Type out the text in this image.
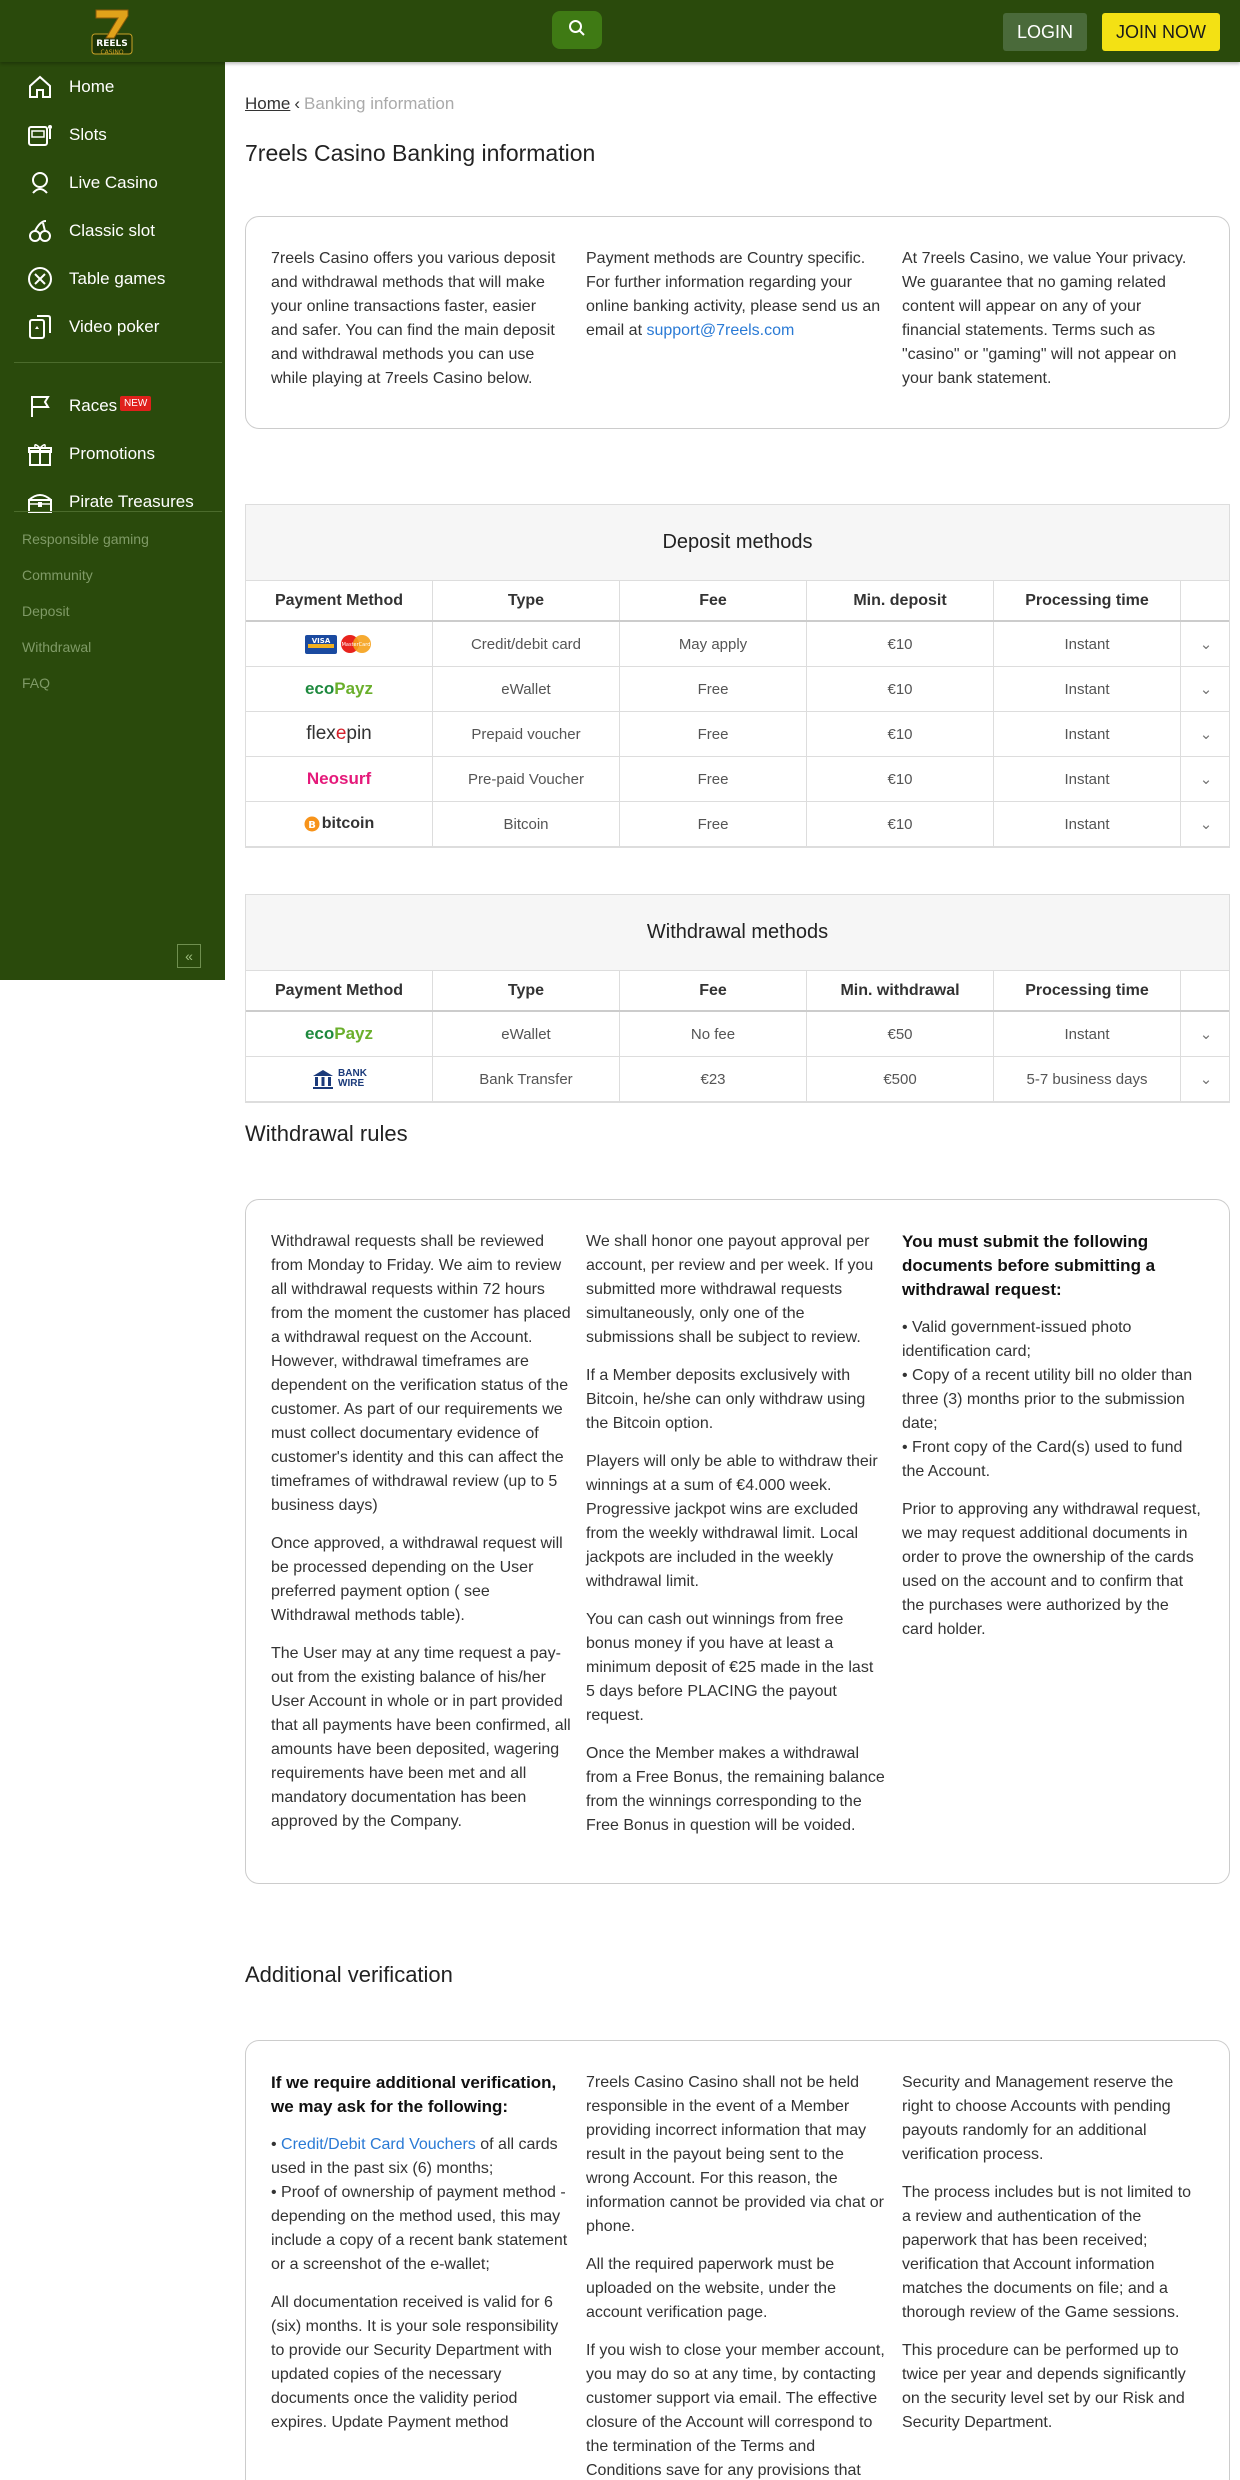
REELS
CASINO
LOGIN	JOIN NOW
Home
Slots
Live Casino
Classic slot
Table games
Video poker
Races NEW
Promotions
Pirate Treasures
Responsible gaming
Community
Deposit
Withdrawal
FAQ
«
Home ‹ Banking information
7reels Casino Banking information
7reels Casino offers you various deposit and withdrawal methods that will make your online transactions faster, easier and safer. You can find the main deposit and withdrawal methods you can use while playing at 7reels Casino below.
Payment methods are Country specific. For further information regarding your online banking activity, please send us an email at support@7reels.com
At 7reels Casino, we value Your privacy. We guarantee that no gaming related content will appear on any of your financial statements. Terms such as "casino" or "gaming" will not appear on your bank statement.
Deposit methods
Payment Method	Type	Fee	Min. deposit	Processing time
VISA MasterCard	Credit/debit card	May apply	€10	Instant	⌄
ecoPayz	eWallet	Free	€10	Instant	⌄
flexepin	Prepaid voucher	Free	€10	Instant	⌄
Neosurf	Pre-paid Voucher	Free	€10	Instant	⌄
B bitcoin	Bitcoin	Free	€10	Instant	⌄
Withdrawal methods
Payment Method	Type	Fee	Min. withdrawal	Processing time
ecoPayz	eWallet	No fee	€50	Instant	⌄
BANK
WIRE	Bank Transfer	€23	€500	5-7 business days	⌄
Withdrawal rules

Withdrawal requests shall be reviewed from Monday to Friday. We aim to review all withdrawal requests within 72 hours from the moment the customer has placed a withdrawal request on the Account. However, withdrawal timeframes are dependent on the verification status of the customer. As part of our requirements we must collect documentary evidence of customer's identity and this can affect the timeframes of withdrawal review (up to 5 business days)

Once approved, a withdrawal request will be processed depending on the User preferred payment option ( see Withdrawal methods table).

The User may at any time request a pay-out from the existing balance of his/her User Account in whole or in part provided that all payments have been confirmed, all amounts have been deposited, wagering requirements have been met and all mandatory documentation has been approved by the Company.

We shall honor one payout approval per account, per review and per week. If you submitted more withdrawal requests simultaneously, only one of the submissions shall be subject to review.

If a Member deposits exclusively with Bitcoin, he/she can only withdraw using the Bitcoin option.

Players will only be able to withdraw their winnings at a sum of €4.000 week. Progressive jackpot wins are excluded from the weekly withdrawal limit. Local jackpots are included in the weekly withdrawal limit.

You can cash out winnings from free bonus money if you have at least a minimum deposit of €25 made in the last 5 days before PLACING the payout request.

Once the Member makes a withdrawal from a Free Bonus, the remaining balance from the winnings corresponding to the Free Bonus in question will be voided.

You must submit the following documents before submitting a withdrawal request:

• Valid government-issued photo identification card;
• Copy of a recent utility bill no older than three (3) months prior to the submission date;
• Front copy of the Card(s) used to fund the Account.

Prior to approving any withdrawal request, we may request additional documents in order to prove the ownership of the cards used on the account and to confirm that the purchases were authorized by the card holder.

Additional verification

If we require additional verification, we may ask for the following:

• Credit/Debit Card Vouchers of all cards used in the past six (6) months;
• Proof of ownership of payment method - depending on the method used, this may include a copy of a recent bank statement or a screenshot of the e-wallet;

All documentation received is valid for 6 (six) months. It is your sole responsibility to provide our Security Department with updated copies of the necessary documents once the validity period expires. Update Payment method

7reels Casino Casino shall not be held responsible in the event of a Member providing incorrect information that may result in the payout being sent to the wrong Account. For this reason, the information cannot be provided via chat or phone.

All the required paperwork must be uploaded on the website, under the account verification page.

If you wish to close your member account, you may do so at any time, by contacting customer support via email. The effective closure of the Account will correspond to the termination of the Terms and Conditions save for any provisions that

Security and Management reserve the right to choose Accounts with pending payouts randomly for an additional verification process.

The process includes but is not limited to a review and authentication of the paperwork that has been received; verification that Account information matches the documents on file; and a thorough review of the Game sessions.

This procedure can be performed up to twice per year and depends significantly on the security level set by our Risk and Security Department.
